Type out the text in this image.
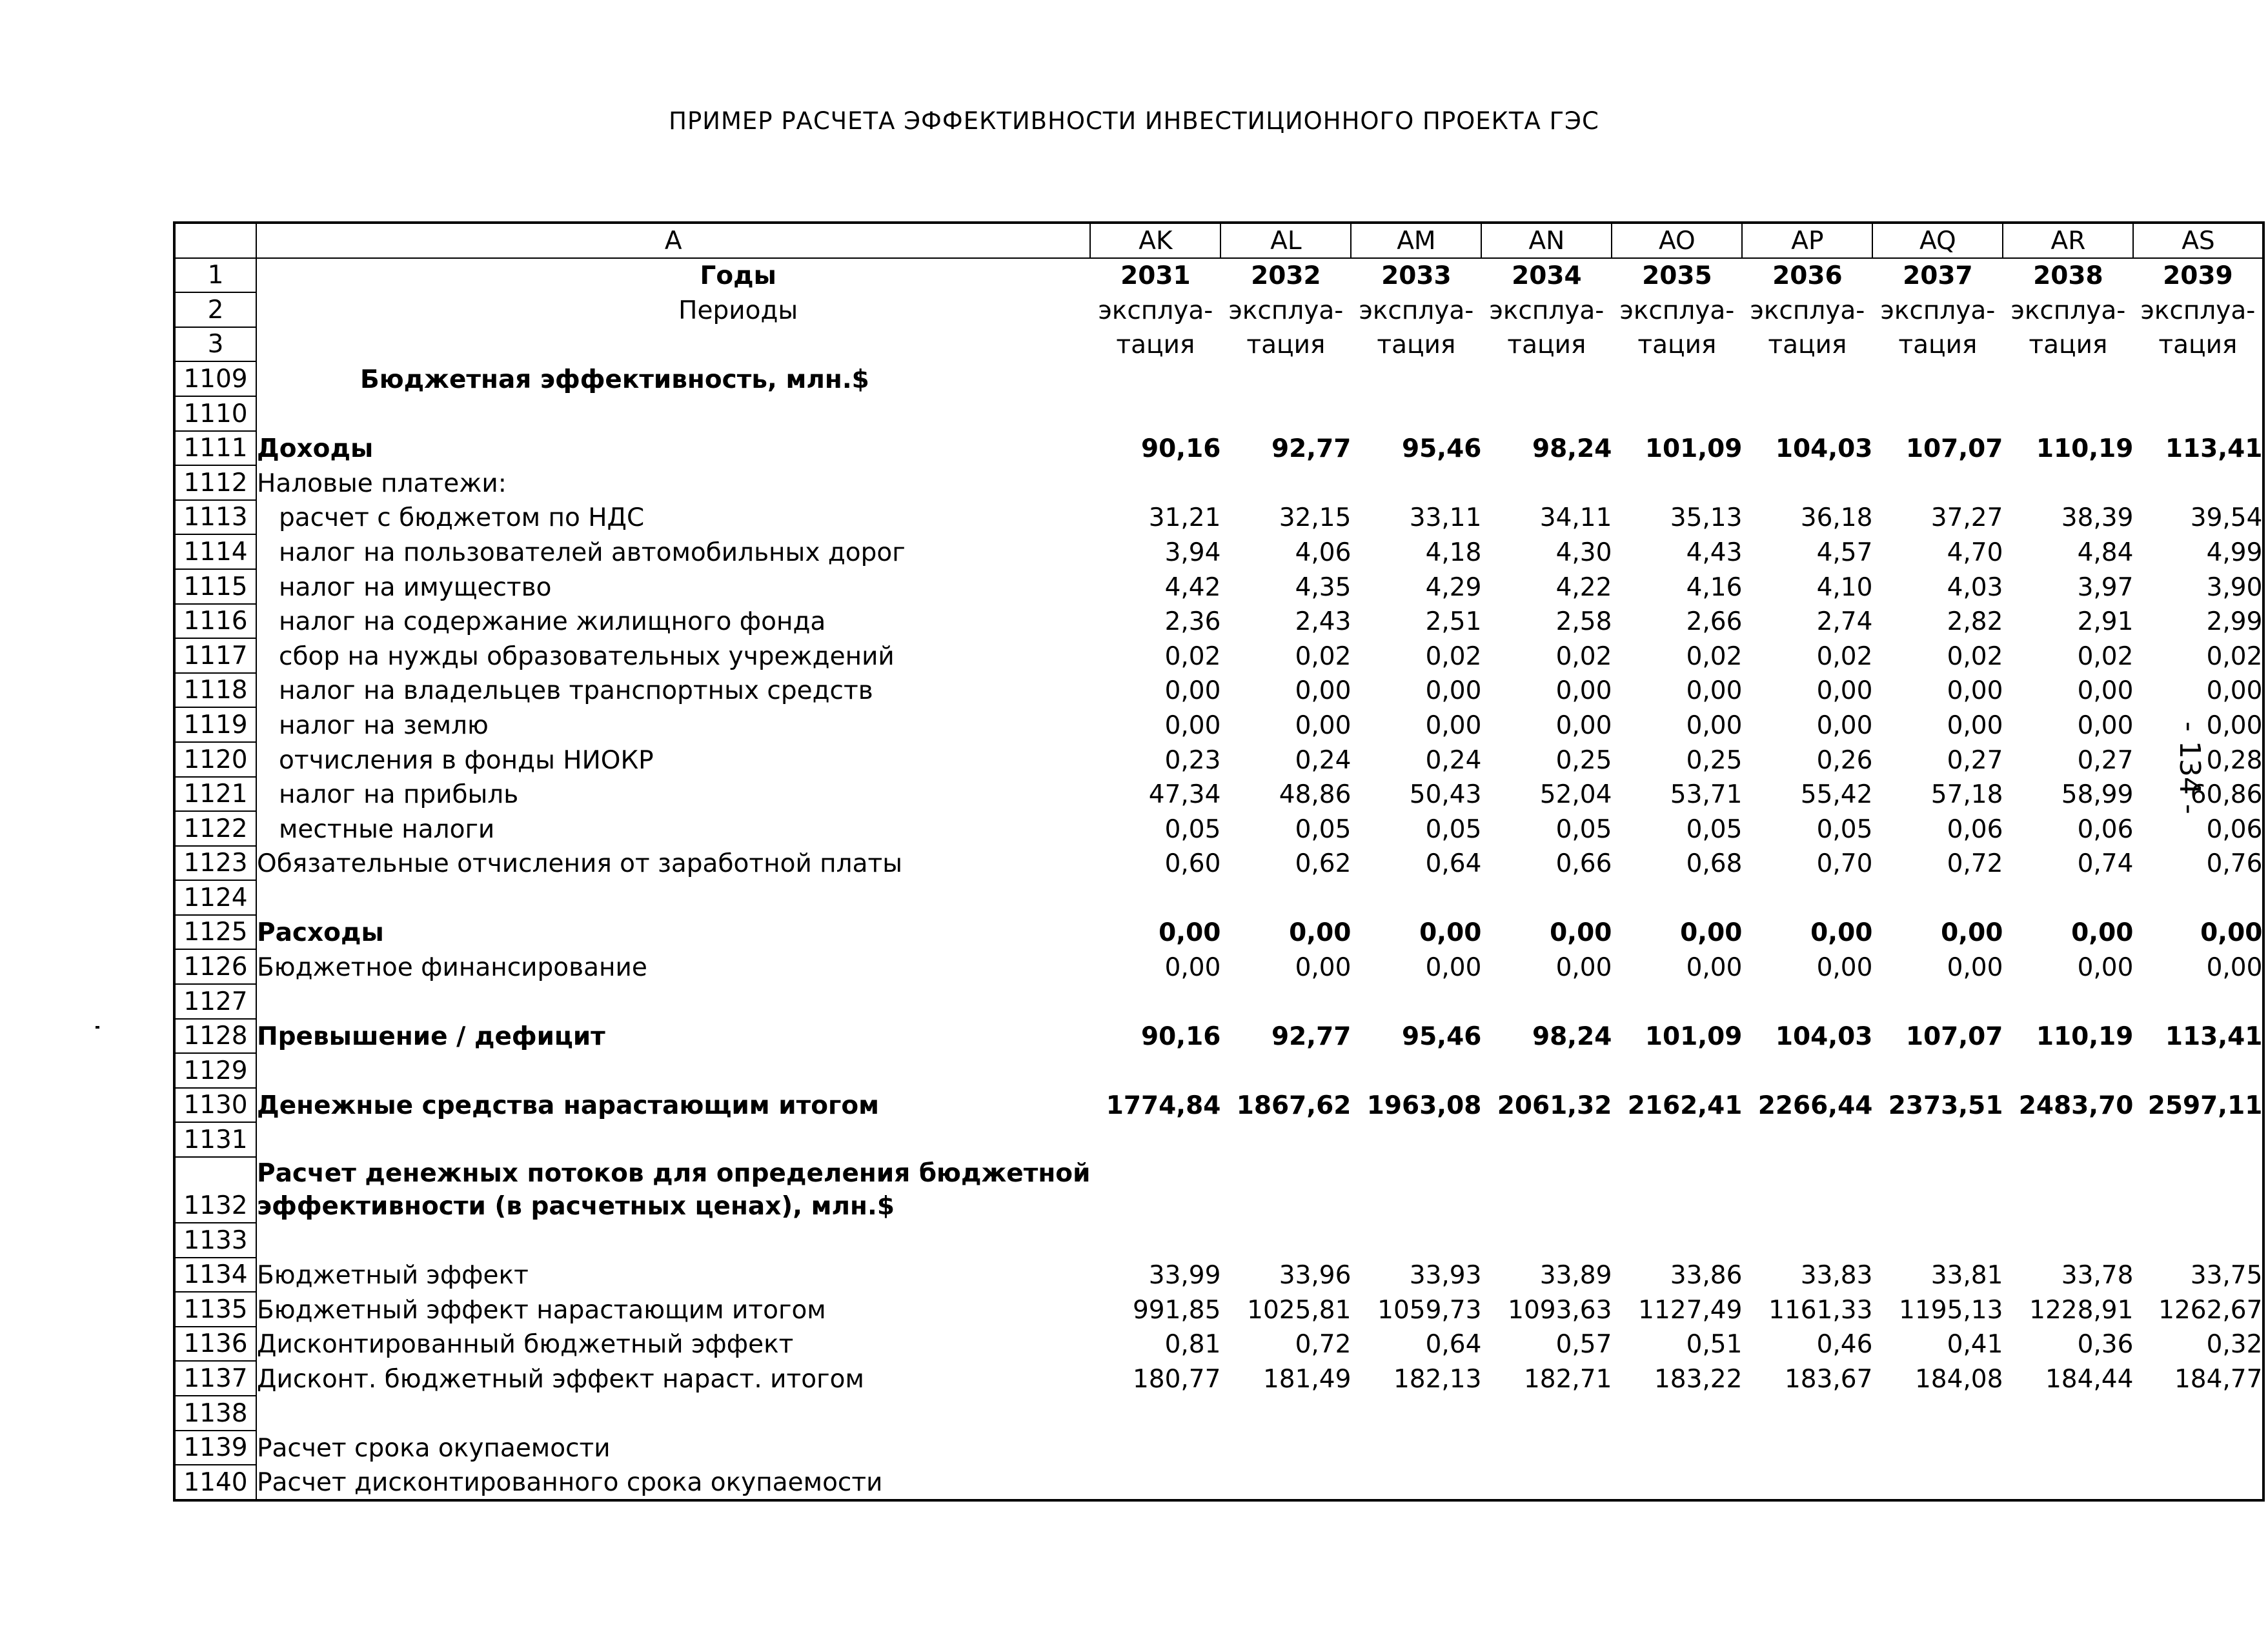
ПРИМЕР РАСЧЕТА ЭФФЕКТИВНОСТИ ИНВЕСТИЦИОННОГО ПРОЕКТА ГЭС
	A	AK	AL	AM	AN	AO	AP	AQ	AR	AS
1	Годы	2031	2032	2033	2034	2035	2036	2037	2038	2039
2	Периоды	эксплуа-	эксплуа-	эксплуа-	эксплуа-	эксплуа-	эксплуа-	эксплуа-	эксплуа-	эксплуа-
3		тация	тация	тация	тация	тация	тация	тация	тация	тация
1109	Бюджетная эффективность, млн.$									
1110										
1111	Доходы	90,16	92,77	95,46	98,24	101,09	104,03	107,07	110,19	113,41
1112	Наловые платежи:									
1113	расчет с бюджетом по НДС	31,21	32,15	33,11	34,11	35,13	36,18	37,27	38,39	39,54
1114	налог на пользователей автомобильных дорог	3,94	4,06	4,18	4,30	4,43	4,57	4,70	4,84	4,99
1115	налог на имущество	4,42	4,35	4,29	4,22	4,16	4,10	4,03	3,97	3,90
1116	налог на содержание жилищного фонда	2,36	2,43	2,51	2,58	2,66	2,74	2,82	2,91	2,99
1117	сбор на нужды образовательных учреждений	0,02	0,02	0,02	0,02	0,02	0,02	0,02	0,02	0,02
1118	налог на владельцев транспортных средств	0,00	0,00	0,00	0,00	0,00	0,00	0,00	0,00	0,00
1119	налог на землю	0,00	0,00	0,00	0,00	0,00	0,00	0,00	0,00	0,00
1120	отчисления в фонды НИОКР	0,23	0,24	0,24	0,25	0,25	0,26	0,27	0,27	0,28
1121	налог на прибыль	47,34	48,86	50,43	52,04	53,71	55,42	57,18	58,99	60,86
1122	местные налоги	0,05	0,05	0,05	0,05	0,05	0,05	0,06	0,06	0,06
1123	Обязательные отчисления от заработной платы	0,60	0,62	0,64	0,66	0,68	0,70	0,72	0,74	0,76
1124										
1125	Расходы	0,00	0,00	0,00	0,00	0,00	0,00	0,00	0,00	0,00
1126	Бюджетное финансирование	0,00	0,00	0,00	0,00	0,00	0,00	0,00	0,00	0,00
1127										
1128	Превышение / дефицит	90,16	92,77	95,46	98,24	101,09	104,03	107,07	110,19	113,41
1129										
1130	Денежные средства нарастающим итогом	1774,84	1867,62	1963,08	2061,32	2162,41	2266,44	2373,51	2483,70	2597,11
1131										
1132	Расчет денежных потоков для определения бюджетной
эффективности (в расчетных ценах), млн.$									

1133										
1134	Бюджетный эффект	33,99	33,96	33,93	33,89	33,86	33,83	33,81	33,78	33,75
1135	Бюджетный эффект нарастающим итогом	991,85	1025,81	1059,73	1093,63	1127,49	1161,33	1195,13	1228,91	1262,67
1136	Дисконтированный бюджетный эффект	0,81	0,72	0,64	0,57	0,51	0,46	0,41	0,36	0,32
1137	Дисконт. бюджетный эффект нараст. итогом	180,77	181,49	182,13	182,71	183,22	183,67	184,08	184,44	184,77
1138										
1139	Расчет срока окупаемости									
1140	Расчет дисконтированного срока окупаемости									
- 134 -
